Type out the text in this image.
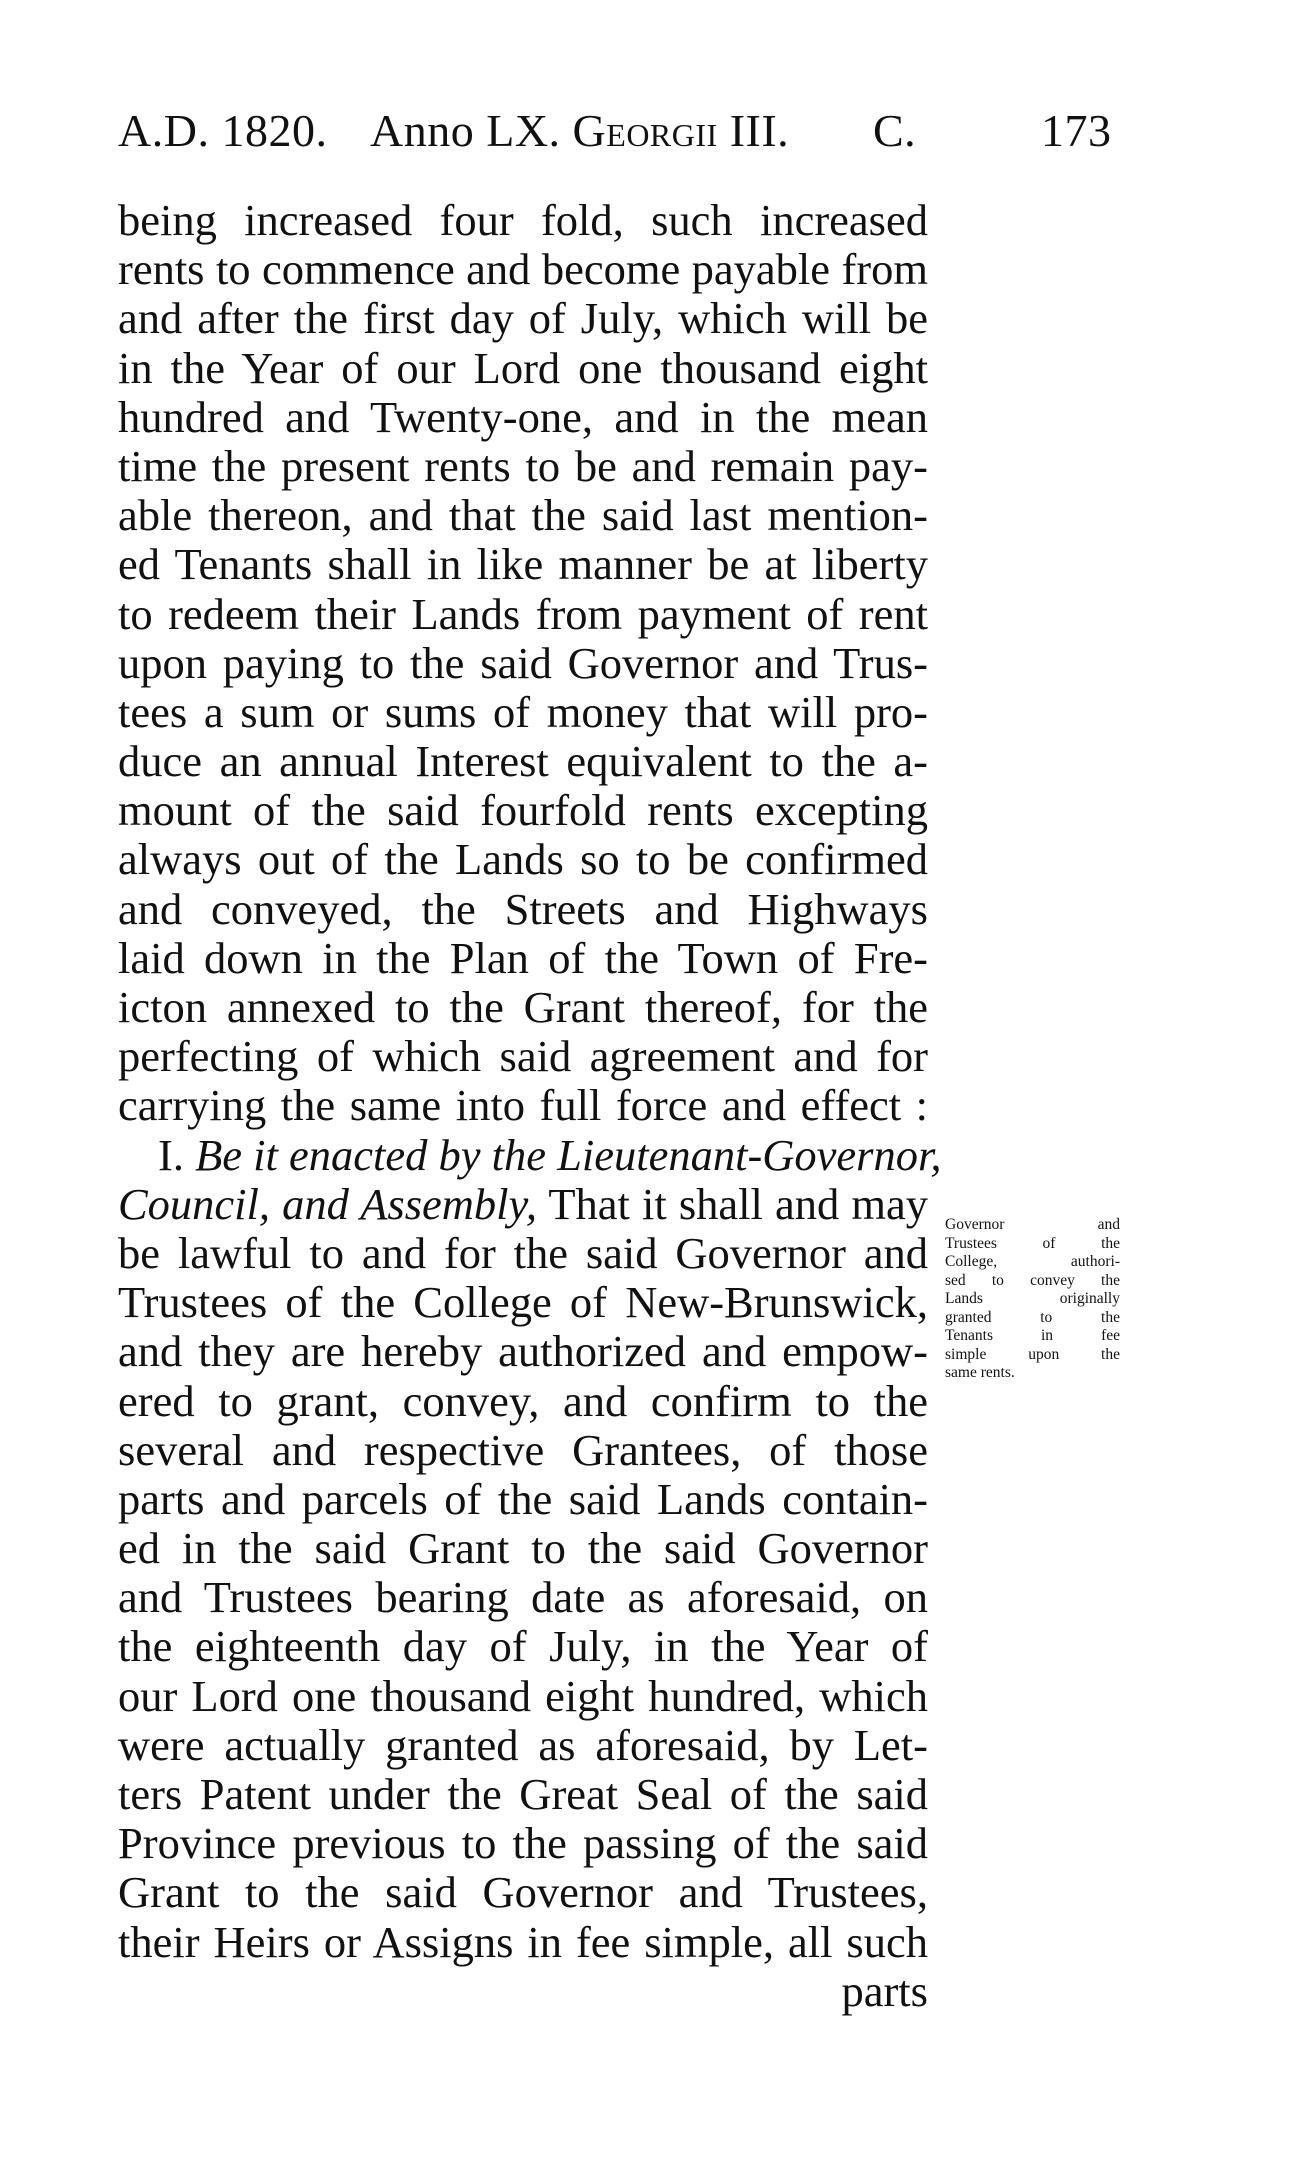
A.D. 1820. Anno LX. Georgii III. C.	173
being increased four fold, such increased
rents to commence and become payable from
and after the first day of July, which will be
in the Year of our Lord one thousand eight
hundred and Twenty-one, and in the mean
time the present rents to be and remain pay-
able thereon, and that the said last mention-
ed Tenants shall in like manner be at liberty
to redeem their Lands from payment of rent
upon paying to the said Governor and Trus-
tees a sum or sums of money that will pro-
duce an annual Interest equivalent to the a-
mount of the said fourfold rents excepting
always out of the Lands so to be confirmed
and conveyed, the Streets and Highways
laid down in the Plan of the Town of Fre-
icton annexed to the Grant thereof, for the
perfecting of which said agreement and for
carrying the same into full force and effect :
I. Be it enacted by the Lieutenant-Governor,
Council, and Assembly, That it shall and may
be lawful to and for the said Governor and
Trustees of the College of New-Brunswick,
and they are hereby authorized and empow-
ered to grant, convey, and confirm to the
several and respective Grantees, of those
parts and parcels of the said Lands contain-
ed in the said Grant to the said Governor
and Trustees bearing date as aforesaid, on
the eighteenth day of July, in the Year of
our Lord one thousand eight hundred, which
were actually granted as aforesaid, by Let-
ters Patent under the Great Seal of the said
Province previous to the passing of the said
Grant to the said Governor and Trustees,
their Heirs or Assigns in fee simple, all such
parts
Governor and
Trustees of the
College, authori-
sed to convey the
Lands originally
granted to the
Tenants in fee
simple upon the
same rents.
